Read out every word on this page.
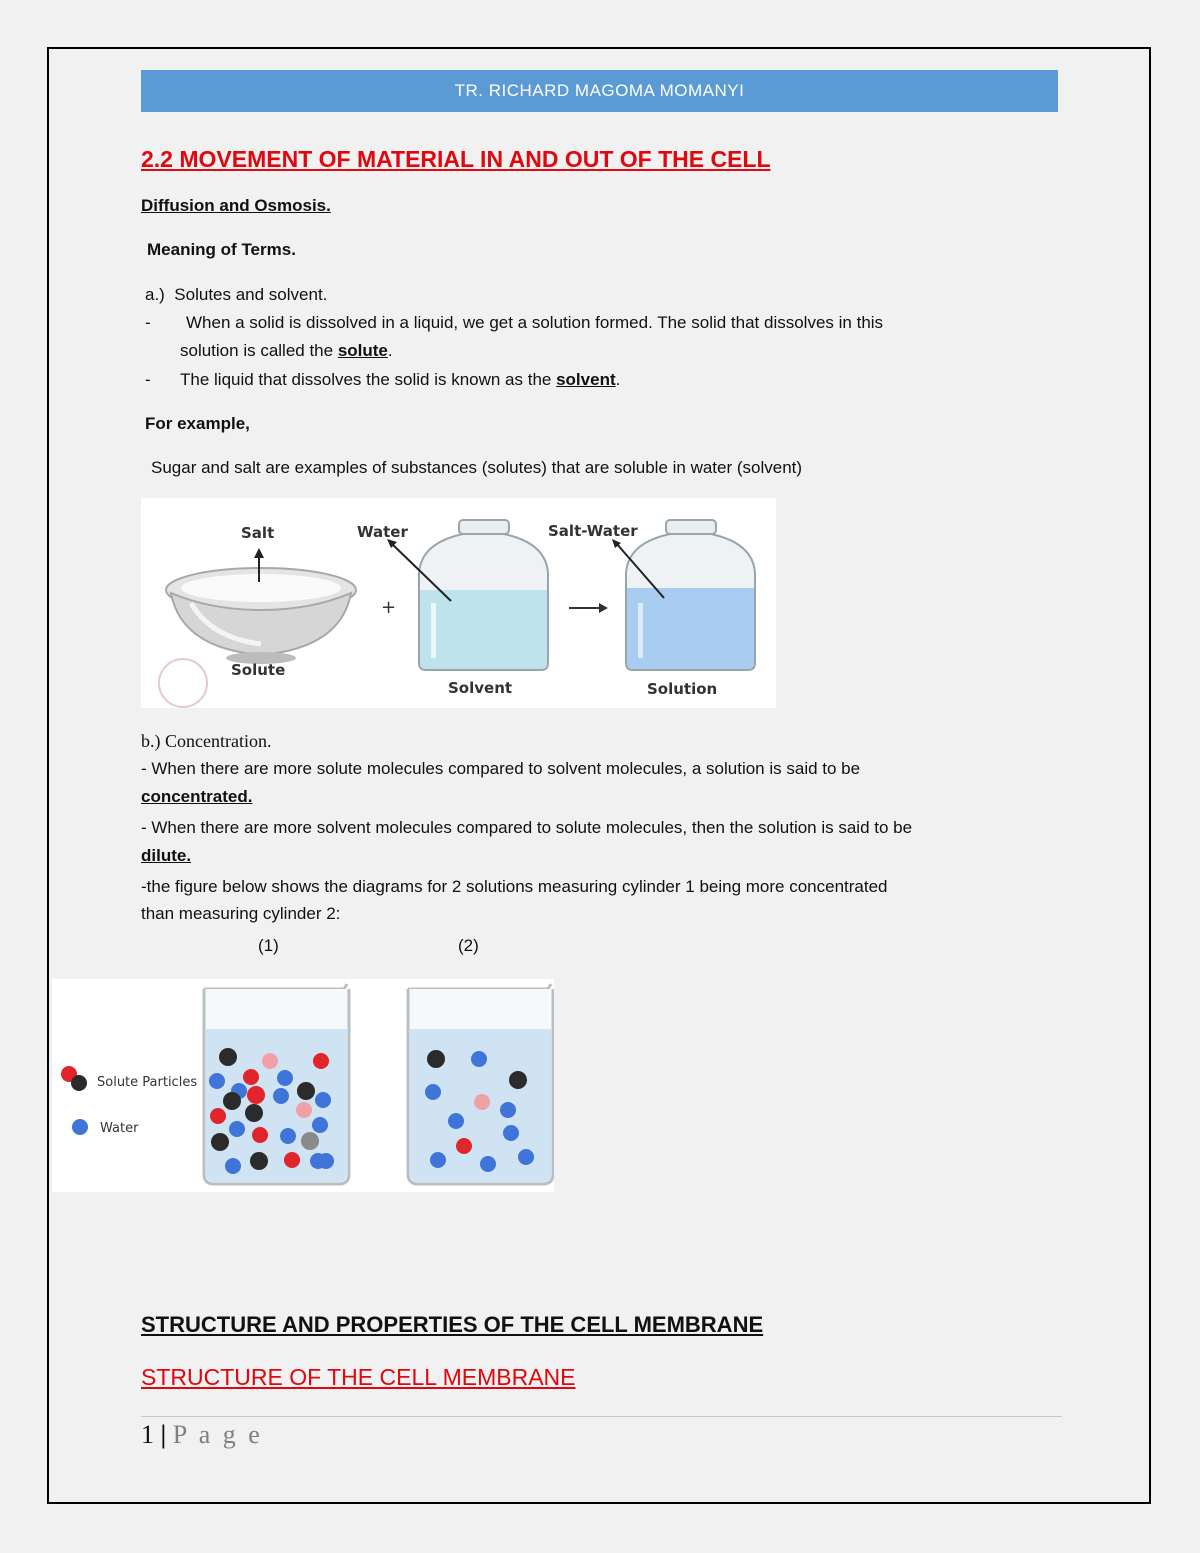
TR. RICHARD MAGOMA MOMANYI
2.2 MOVEMENT OF MATERIAL IN AND OUT OF THE CELL
Diffusion and Osmosis.
Meaning of Terms.
a.) Solutes and solvent.
- When a solid is dissolved in a liquid, we get a solution formed. The solid that dissolves in this
solution is called the solute.
- The liquid that dissolves the solid is known as the solvent.
For example,
Sugar and salt are examples of substances (solutes) that are soluble in water (solvent)
Salt
Solute
+
Water
Solvent
Salt-Water
Solution
b.) Concentration.
- When there are more solute molecules compared to solvent molecules, a solution is said to be
concentrated.
- When there are more solvent molecules compared to solute molecules, then the solution is said to be
dilute.
-the figure below shows the diagrams for 2 solutions measuring cylinder 1 being more concentrated
than measuring cylinder 2:
(1)	(2)
Solute Particles
Water
STRUCTURE AND PROPERTIES OF THE CELL MEMBRANE
STRUCTURE OF THE CELL MEMBRANE
1 | P a g e
